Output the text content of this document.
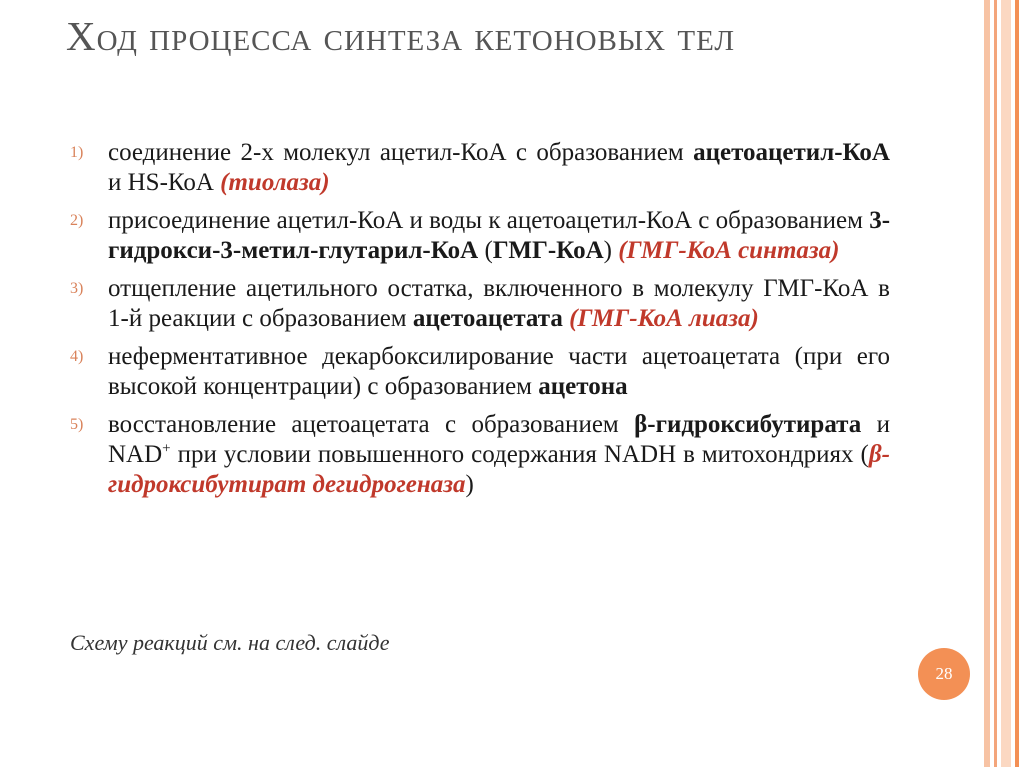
Ход процесса синтеза кетоновых тел
1) соединение 2-х молекул ацетил-КоА с образованием ацетоацетил-КоА и HS-КоА (тиолаза)
2) присоединение ацетил-КоА и воды к ацетоацетил-КоА с образованием 3-гидрокси-3-метил-глутарил-КоА (ГМГ-КоА) (ГМГ-КоА синтаза)
3) отщепление ацетильного остатка, включенного в молекулу ГМГ-КоА в 1-й реакции с образованием ацетоацетата (ГМГ-КоА лиаза)
4) неферментативное декарбоксилирование части ацетоацетата (при его высокой концентрации) с образованием ацетона
5) восстановление ацетоацетата с образованием β-гидроксибутирата и NAD+ при условии повышенного содержания NADH в митохондриях (β-гидроксибутират дегидрогеназа)
Схему реакций см. на след. слайде
28
